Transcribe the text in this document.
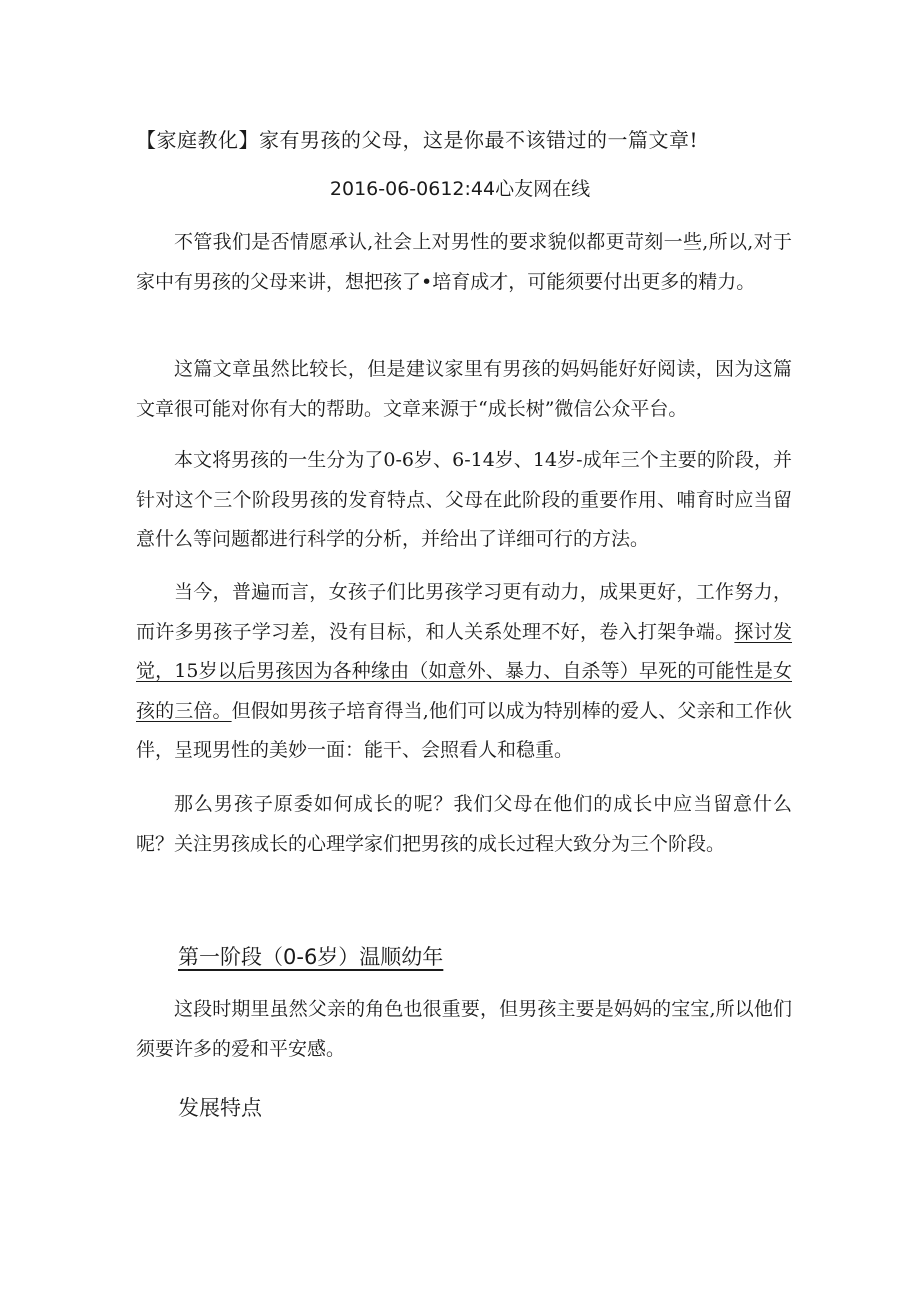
【家庭教化】家有男孩的父母，这是你最不该错过的一篇文章!
2016-06-0612:44心友网在线

不管我们是否情愿承认,社会上对男性的要求貌似都更苛刻一些,所以,对于家中有男孩的父母来讲，想把孩了•培育成才，可能须要付出更多的精力。

这篇文章虽然比较长，但是建议家里有男孩的妈妈能好好阅读，因为这篇文章很可能对你有大的帮助。文章来源于“成长树”微信公众平台。

本文将男孩的一生分为了0-6岁、6-14岁、14岁-成年三个主要的阶段，并针对这个三个阶段男孩的发育特点、父母在此阶段的重要作用、哺育时应当留意什么等问题都进行科学的分析，并给出了详细可行的方法。

当今，普遍而言，女孩子们比男孩学习更有动力，成果更好，工作努力，而许多男孩子学习差，没有目标，和人关系处理不好，卷入打架争端。探讨发觉，15岁以后男孩因为各种缘由（如意外、暴力、自杀等）早死的可能性是女孩的三倍。但假如男孩子培育得当,他们可以成为特别棒的爱人、父亲和工作伙伴，呈现男性的美妙一面：能干、会照看人和稳重。

那么男孩子原委如何成长的呢？我们父母在他们的成长中应当留意什么呢？关注男孩成长的心理学家们把男孩的成长过程大致分为三个阶段。

第一阶段（0-6岁）温顺幼年

这段时期里虽然父亲的角色也很重要，但男孩主要是妈妈的宝宝,所以他们须要许多的爱和平安感。

发展特点
